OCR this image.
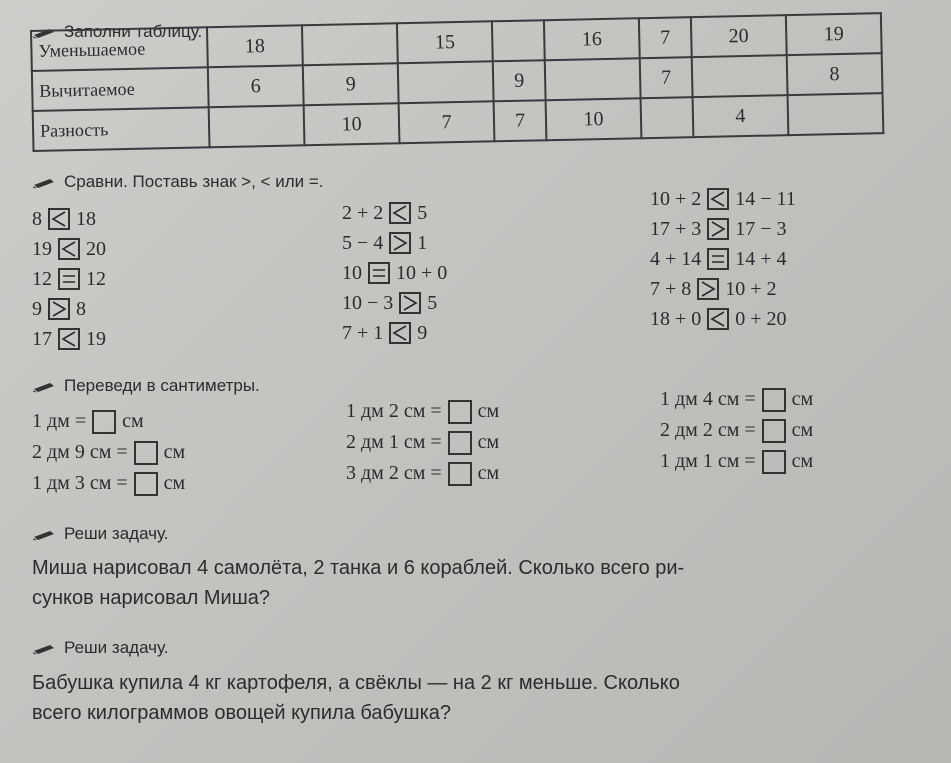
Заполни таблицу.
Уменьшаемое	18		15		16	7	20	19
Вычитаемое	6	9		9		7		8
Разность		10	7	7	10		4	
Сравни. Поставь знак >, < или =.
8 18
19 20
12 12
9 8
17 19
2 + 2 5
5 − 4 1
10 10 + 0
10 − 3 5
7 + 1 9
10 + 2 14 − 11
17 + 3 17 − 3
4 + 14 14 + 4
7 + 8 10 + 2
18 + 0 0 + 20
Переведи в сантиметры.
1 дм = см
2 дм 9 см = см
1 дм 3 см = см
1 дм 2 см = см
2 дм 1 см = см
3 дм 2 см = см
1 дм 4 см = см
2 дм 2 см = см
1 дм 1 см = см
Реши задачу.
Миша нарисовал 4 самолёта, 2 танка и 6 кораблей. Сколько всего ри-
сунков нарисовал Миша?
Реши задачу.
Бабушка купила 4 кг картофеля, а свёклы — на 2 кг меньше. Сколько
всего килограммов овощей купила бабушка?
